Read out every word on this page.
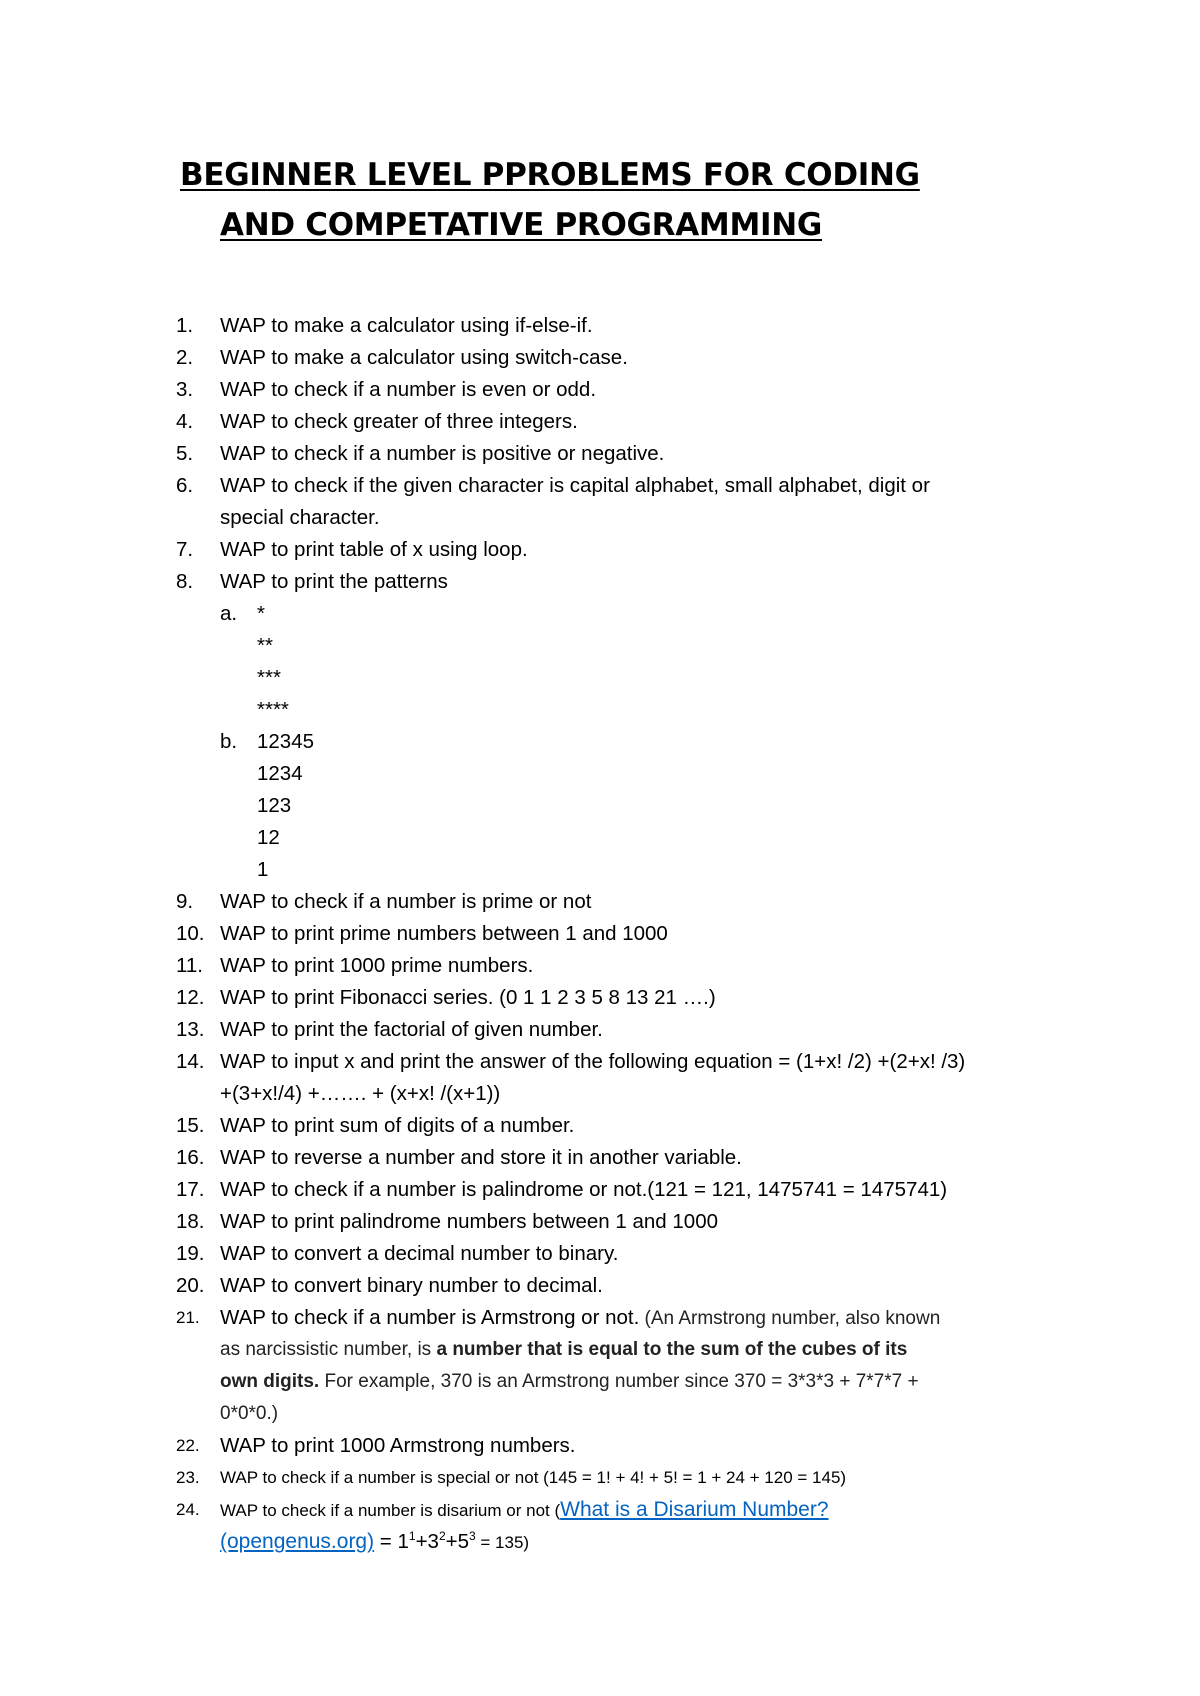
BEGINNER LEVEL PPROBLEMS FOR CODING
AND COMPETATIVE PROGRAMMING
1.	WAP to make a calculator using if-else-if.
2.	WAP to make a calculator using switch-case.
3.	WAP to check if a number is even or odd.
4.	WAP to check greater of three integers.
5.	WAP to check if a number is positive or negative.
6.	WAP to check if the given character is capital alphabet, small alphabet, digit or
special character.
7.	WAP to print table of x using loop.
8.	WAP to print the patterns
a. *
**
***
****
b. 12345
1234
123
12
1
9.	WAP to check if a number is prime or not
10. WAP to print prime numbers between 1 and 1000
11. WAP to print 1000 prime numbers.
12. WAP to print Fibonacci series. (0 1 1 2 3 5 8 13 21 ….)
13. WAP to print the factorial of given number.
14. WAP to input x and print the answer of the following equation = (1+x! /2) +(2+x! /3)
+(3+x!/4) +……. + (x+x! /(x+1))
15. WAP to print sum of digits of a number.
16. WAP to reverse a number and store it in another variable.
17. WAP to check if a number is palindrome or not.(121 = 121, 1475741 = 1475741)
18. WAP to print palindrome numbers between 1 and 1000
19. WAP to convert a decimal number to binary.
20. WAP to convert binary number to decimal.
21. WAP to check if a number is Armstrong or not. (An Armstrong number, also known
as narcissistic number, is a number that is equal to the sum of the cubes of its
own digits. For example, 370 is an Armstrong number since 370 = 3*3*3 + 7*7*7 +
0*0*0.)
22. WAP to print 1000 Armstrong numbers.
23.	WAP to check if a number is special or not (145 = 1! + 4! + 5! = 1 + 24 + 120 = 145)
24.	WAP to check if a number is disarium or not (What is a Disarium Number?
(opengenus.org) = $1^1+3^2+5^3 = 135$)
